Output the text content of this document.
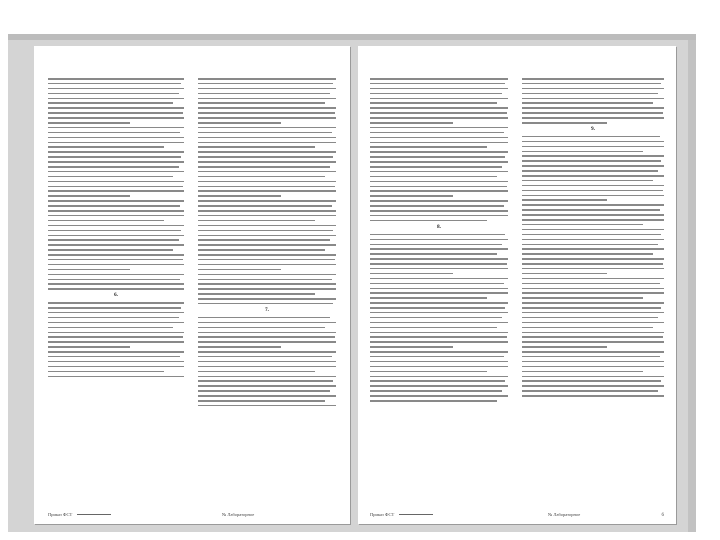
6.
7.
Приказ ФСТ	№ Лабораторное
8.
9.
Приказ ФСТ	№ Лабораторное	6
